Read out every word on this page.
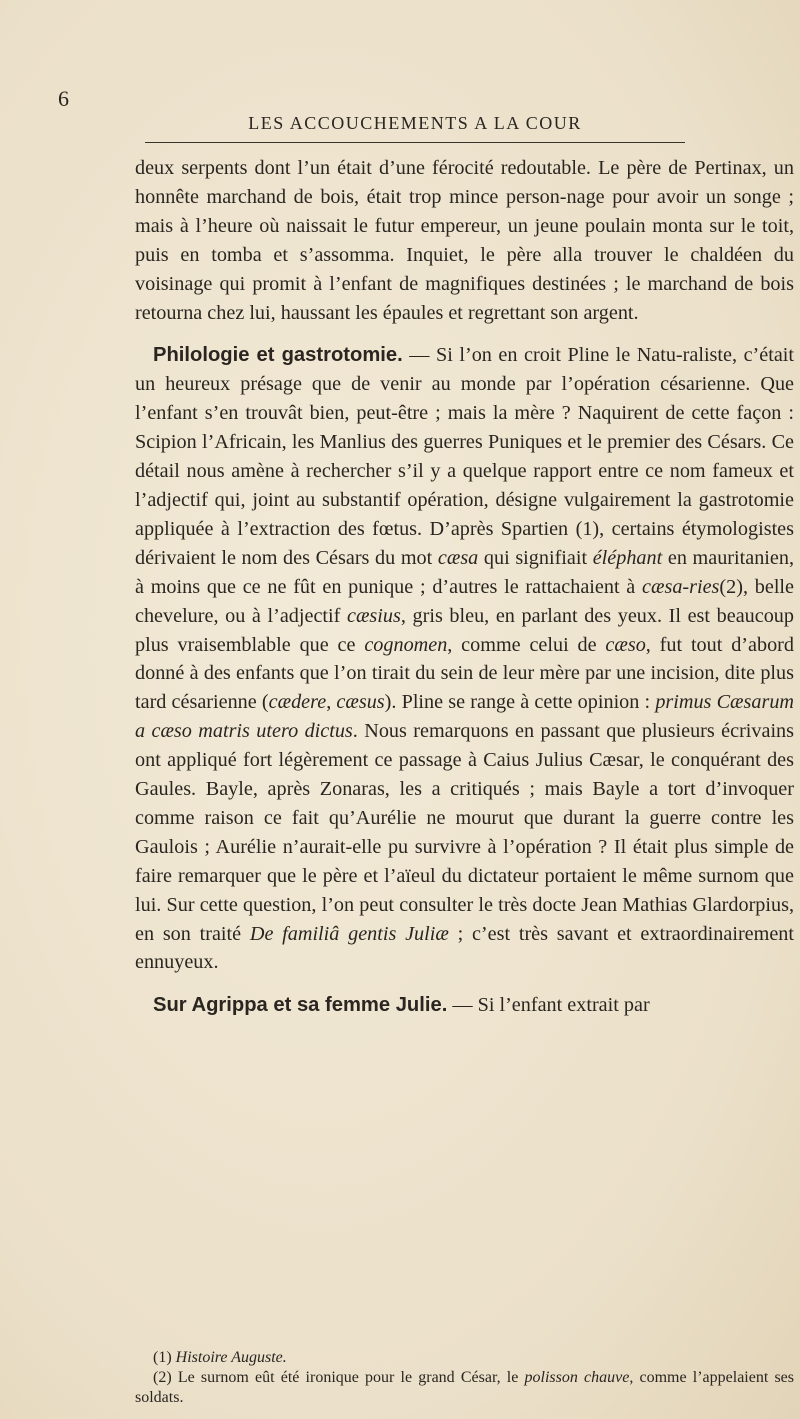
6
LES ACCOUCHEMENTS A LA COUR

deux serpents dont l’un était d’une férocité redoutable. Le père de Pertinax, un honnête marchand de bois, était trop mince person-nage pour avoir un songe ; mais à l’heure où naissait le futur empereur, un jeune poulain monta sur le toit, puis en tomba et s’assomma. Inquiet, le père alla trouver le chaldéen du voisinage qui promit à l’enfant de magnifiques destinées ; le marchand de bois retourna chez lui, haussant les épaules et regrettant son argent.

Philologie et gastrotomie. — Si l’on en croit Pline le Natu-raliste, c’était un heureux présage que de venir au monde par l’opération césarienne. Que l’enfant s’en trouvât bien, peut-être ; mais la mère ? Naquirent de cette façon : Scipion l’Africain, les Manlius des guerres Puniques et le premier des Césars. Ce détail nous amène à rechercher s’il y a quelque rapport entre ce nom fameux et l’adjectif qui, joint au substantif opération, désigne vulgairement la gastrotomie appliquée à l’extraction des fœtus. D’après Spartien (1), certains étymologistes dérivaient le nom des Césars du mot cæsa qui signifiait éléphant en mauritanien, à moins que ce ne fût en punique ; d’autres le rattachaient à cæsa-ries(2), belle chevelure, ou à l’adjectif cæsius, gris bleu, en parlant des yeux. Il est beaucoup plus vraisemblable que ce cognomen, comme celui de cæso, fut tout d’abord donné à des enfants que l’on tirait du sein de leur mère par une incision, dite plus tard césarienne (cædere, cæsus). Pline se range à cette opinion : primus Cæsarum a cæso matris utero dictus. Nous remarquons en passant que plusieurs écrivains ont appliqué fort légèrement ce passage à Caius Julius Cæsar, le conquérant des Gaules. Bayle, après Zonaras, les a critiqués ; mais Bayle a tort d’invoquer comme raison ce fait qu’Aurélie ne mourut que durant la guerre contre les Gaulois ; Aurélie n’aurait-elle pu survivre à l’opération ? Il était plus simple de faire remarquer que le père et l’aïeul du dictateur portaient le même surnom que lui. Sur cette question, l’on peut consulter le très docte Jean Mathias Glardorpius, en son traité De familiâ gentis Juliæ ; c’est très savant et extraordinairement ennuyeux.

Sur Agrippa et sa femme Julie. — Si l’enfant extrait par

(1) Histoire Auguste.
(2) Le surnom eût été ironique pour le grand César, le polisson chauve, comme l’appelaient ses soldats.
